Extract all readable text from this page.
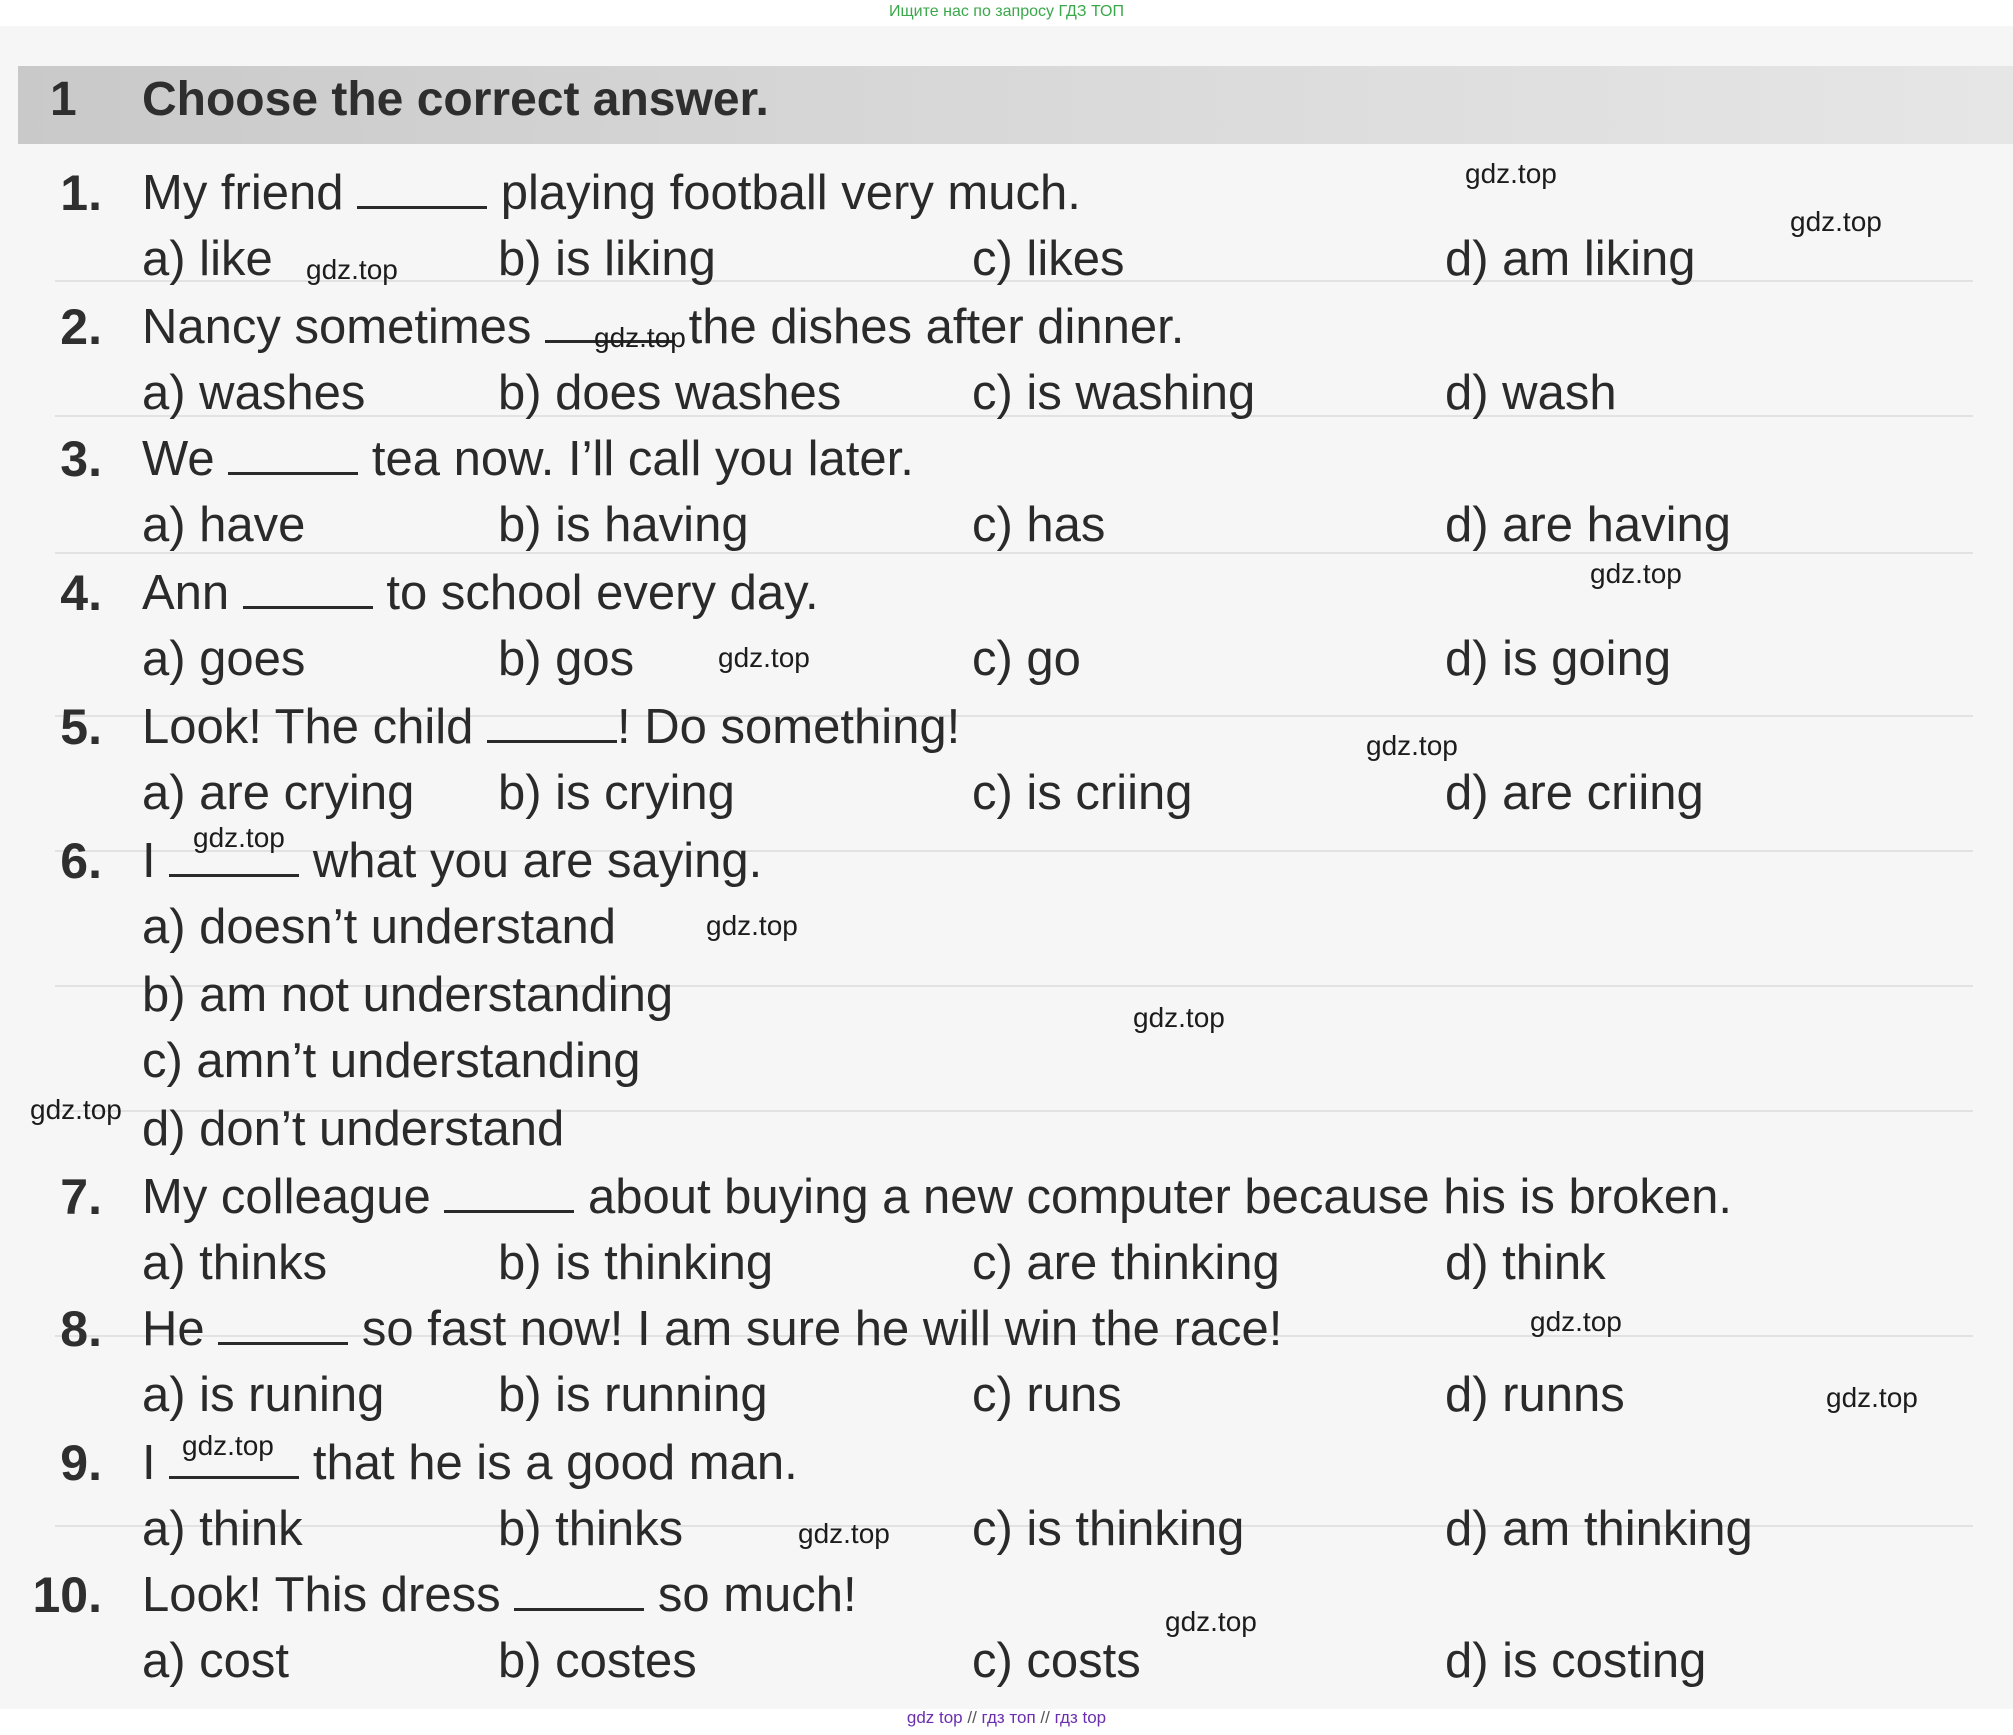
Ищите нас по запросу ГДЗ ТОП
1 Choose the correct answer.
1. My friend	playing football very much.
a) like	b) is liking	c) likes	d) am liking
2. Nancy sometimes	the dishes after dinner.
a) washes	b) does washes	c) is washing	d) wash
3. We	tea now. I’ll call you later.
a) have	b) is having	c) has	d) are having
4. Ann	to school every day.
a) goes	b) gos	c) go	d) is going
5. Look! The child	! Do something!
a) are crying b) is crying	c) is criing	d) are criing
6. I	what you are saying.
a) doesn’t understand
b) am not understanding
c) amn’t understanding
d) don’t understand
7. My colleague	about buying a new computer because his is broken.
a) thinks	b) is thinking	c) are thinking	d) think
8. He	so fast now! I am sure he will win the race!
a) is runing b) is running	c) runs	d) runns
9. I	that he is a good man.
a) think	b) thinks	c) is thinking	d) am thinking
10. Look! This dress	so much!
a) cost	b) costes	c) costs	d) is costing
gdz.top
gdz.top
gdz.top
gdz.top
gdz.top
gdz.top
gdz.top
gdz.top
gdz.top
gdz.top
gdz.top
gdz.top
gdz.top
gdz.top
gdz.top
gdz.top
gdz top // гдз топ // гдз top
